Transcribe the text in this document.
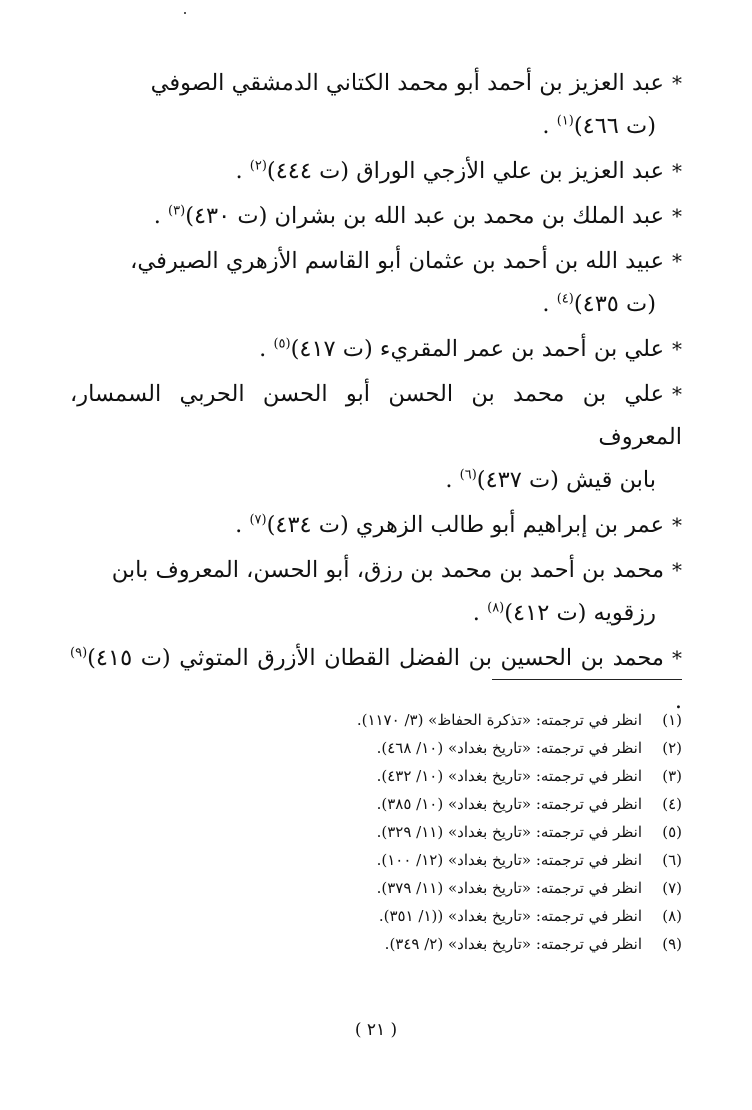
*عبد العزيز بن أحمد أبو محمد الكتاني الدمشقي الصوفي
(ت ٤٦٦)$^{(١)}$ .
*عبد العزيز بن علي الأزجي الوراق (ت ٤٤٤)$^{(٢)}$ .
*عبد الملك بن محمد بن عبد الله بن بشران (ت ٤٣٠)$^{(٣)}$ .
*عبيد الله بن أحمد بن عثمان أبو القاسم الأزهري الصيرفي،
(ت ٤٣٥)$^{(٤)}$ .
*علي بن أحمد بن عمر المقريء (ت ٤١٧)$^{(٥)}$ .
*علي بن محمد بن الحسن أبو الحسن الحربي السمسار، المعروف
بابن قيش (ت ٤٣٧)$^{(٦)}$ .
*عمر بن إبراهيم أبو طالب الزهري (ت ٤٣٤)$^{(٧)}$ .
*محمد بن أحمد بن محمد بن رزق، أبو الحسن، المعروف بابن
رزقويه (ت ٤١٢)$^{(٨)}$ .
*محمد بن الحسين بن الفضل القطان الأزرق المتوثي (ت ٤١٥)$^{(٩)}$ .
(١)انظر في ترجمته: «تذكرة الحفاظ» (٣/ ١١٧٠).
(٢)انظر في ترجمته: «تاريخ بغداد» (١٠/ ٤٦٨).
(٣)انظر في ترجمته: «تاريخ بغداد» (١٠/ ٤٣٢).
(٤)انظر في ترجمته: «تاريخ بغداد» (١٠/ ٣٨٥).
(٥)انظر في ترجمته: «تاريخ بغداد» (١١/ ٣٢٩).
(٦)انظر في ترجمته: «تاريخ بغداد» (١٢/ ١٠٠).
(٧)انظر في ترجمته: «تاريخ بغداد» (١١/ ٣٧٩).
(٨)انظر في ترجمته: «تاريخ بغداد» ((١/ ٣٥١).
(٩)انظر في ترجمته: «تاريخ بغداد» (٢/ ٣٤٩).
( ٢١ )
